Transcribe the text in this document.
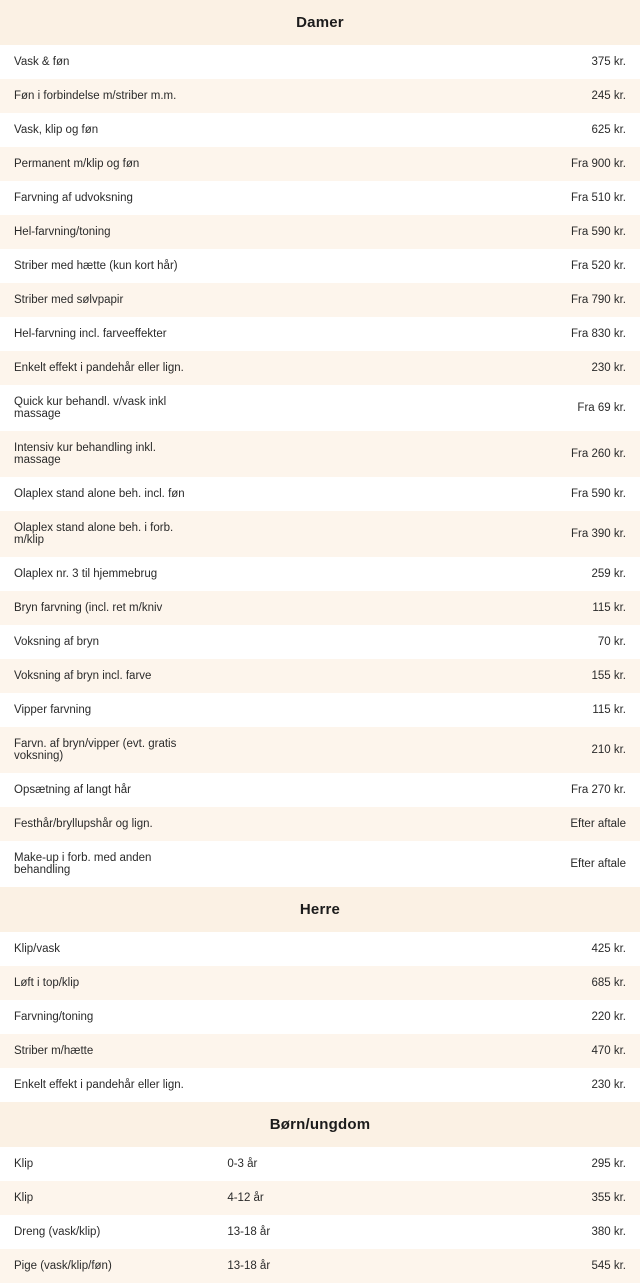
Damer		
Vask & føn		375 kr.
Føn i forbindelse m/striber m.m.		245 kr.
Vask, klip og føn		625 kr.
Permanent m/klip og føn		Fra 900 kr.
Farvning af udvoksning		Fra 510 kr.
Hel-farvning/toning		Fra 590 kr.
Striber med hætte (kun kort hår)		Fra 520 kr.
Striber med sølvpapir		Fra 790 kr.
Hel-farvning incl. farveeffekter		Fra 830 kr.
Enkelt effekt i pandehår eller lign.		230 kr.
Quick kur behandl. v/vask inkl massage		Fra 69 kr.
Intensiv kur behandling inkl. massage		Fra 260 kr.
Olaplex stand alone beh. incl. føn		Fra 590 kr.
Olaplex stand alone beh. i forb. m/klip		Fra 390 kr.
Olaplex nr. 3 til hjemmebrug		259 kr.
Bryn farvning (incl. ret m/kniv		115 kr.
Voksning af bryn		70 kr.
Voksning af bryn incl. farve		155 kr.
Vipper farvning		115 kr.
Farvn. af bryn/vipper (evt. gratis voksning)		210 kr.
Opsætning af langt hår		Fra 270 kr.
Festhår/bryllupshår og lign.		Efter aftale
Make-up i forb. med anden behandling		Efter aftale
Herre		
Klip/vask		425 kr.
Løft i top/klip		685 kr.
Farvning/toning		220 kr.
Striber m/hætte		470 kr.
Enkelt effekt i pandehår eller lign.		230 kr.
Børn/ungdom		
Klip	0-3 år	295 kr.
Klip	4-12 år	355 kr.
Dreng (vask/klip)	13-18 år	380 kr.
Pige (vask/klip/føn)	13-18 år	545 kr.
